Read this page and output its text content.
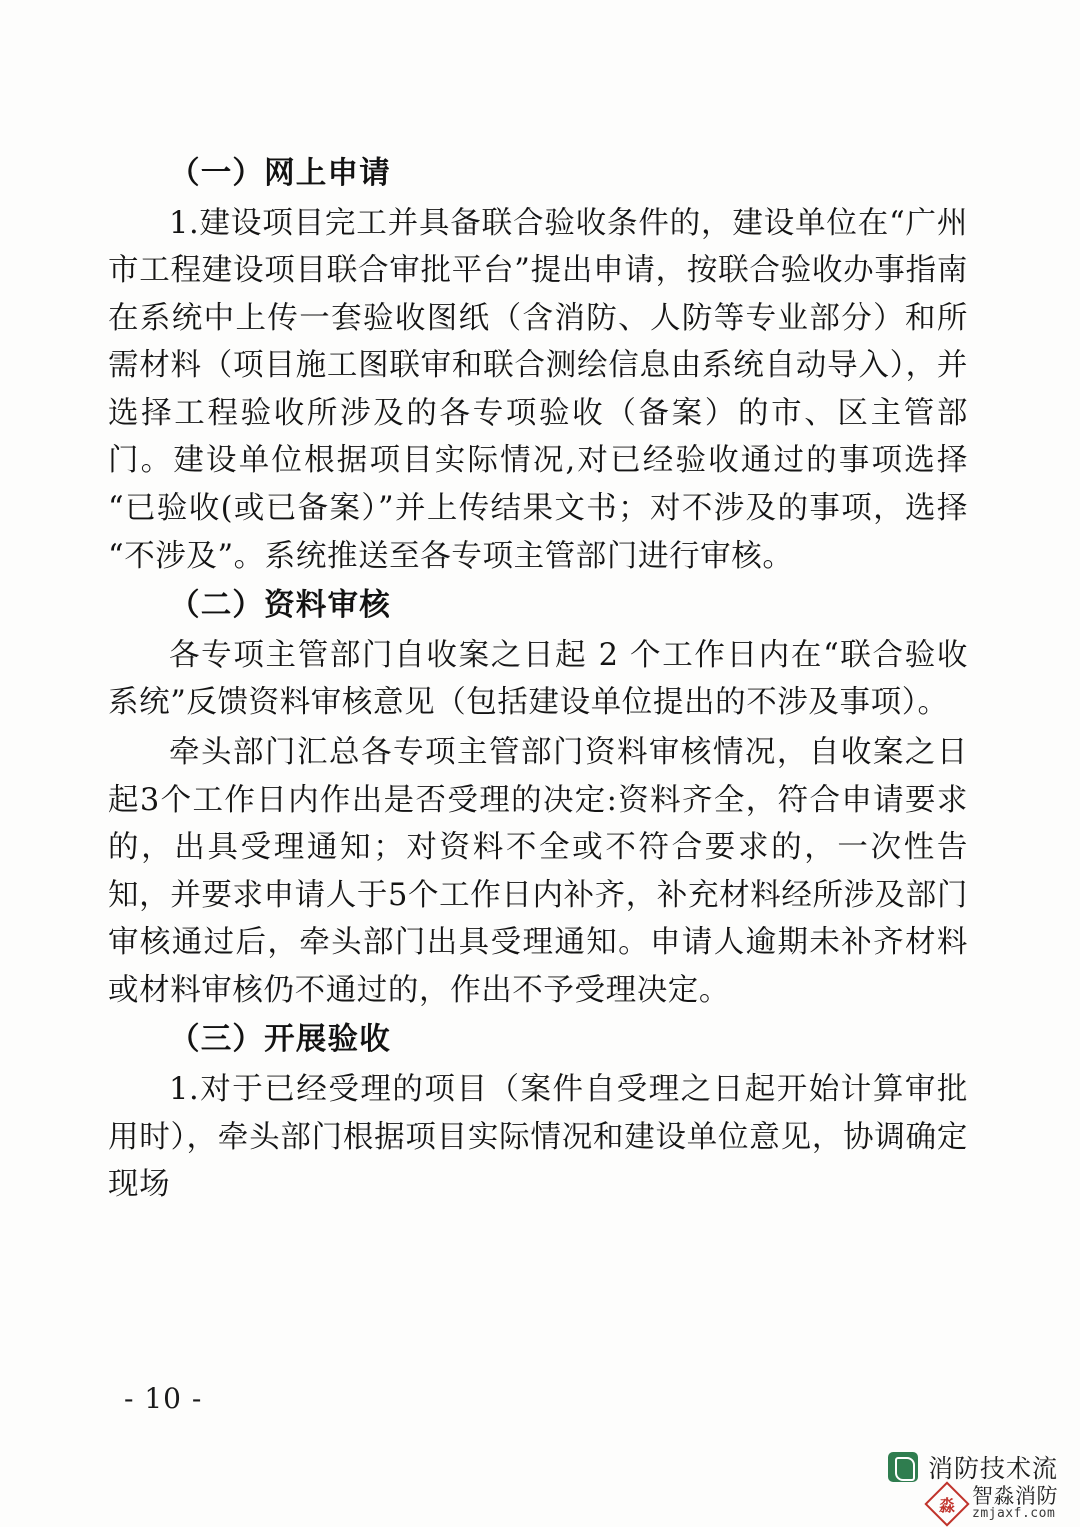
（一）网上申请

1.建设项目完工并具备联合验收条件的，建设单位在“广州市工程建设项目联合审批平台”提出申请，按联合验收办事指南在系统中上传一套验收图纸（含消防、人防等专业部分）和所需材料（项目施工图联审和联合测绘信息由系统自动导入），并选择工程验收所涉及的各专项验收（备案）的市、区主管部门。建设单位根据项目实际情况,对已经验收通过的事项选择“已验收(或已备案）”并上传结果文书；对不涉及的事项，选择“不涉及”。系统推送至各专项主管部门进行审核。

（二）资料审核

各专项主管部门自收案之日起 2 个工作日内在“联合验收系统”反馈资料审核意见（包括建设单位提出的不涉及事项）。

牵头部门汇总各专项主管部门资料审核情况，自收案之日起3个工作日内作出是否受理的决定:资料齐全，符合申请要求的，出具受理通知；对资料不全或不符合要求的，一次性告知，并要求申请人于5个工作日内补齐，补充材料经所涉及部门审核通过后，牵头部门出具受理通知。申请人逾期未补齐材料或材料审核仍不通过的，作出不予受理决定。

（三）开展验收

1.对于已经受理的项目（案件自受理之日起开始计算审批用时），牵头部门根据项目实际情况和建设单位意见，协调确定现场

- 10 -
消防技术流
淼 智淼消防
zmjaxf.com
